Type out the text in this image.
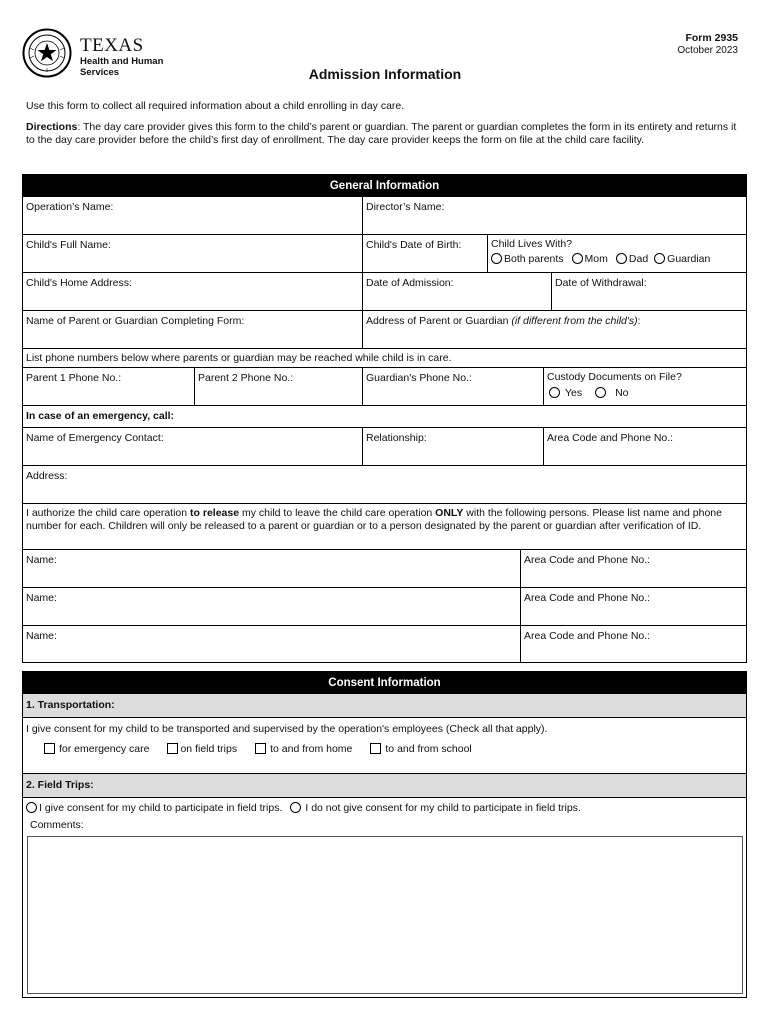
TEXAS
Health and Human Services
Form 2935
October 2023
Admission Information
Use this form to collect all required information about a child enrolling in day care.
Directions: The day care provider gives this form to the child’s parent or guardian. The parent or guardian completes the form in its entirety and returns it to the day care provider before the child’s first day of enrollment. The day care provider keeps the form on file at the child care facility.
General Information
Operation’s Name:	Director’s Name:
Child's Full Name:	Child's Date of Birth:	Child Lives With?
Both parents Mom Dad Guardian
Child's Home Address:	Date of Admission:	Date of Withdrawal:
Name of Parent or Guardian Completing Form:	Address of Parent or Guardian (if different from the child's):
List phone numbers below where parents or guardian may be reached while child is in care.
Parent 1 Phone No.:	Parent 2 Phone No.:	Guardian's Phone No.:	Custody Documents on File?
Yes	No
In case of an emergency, call:
Name of Emergency Contact:	Relationship:	Area Code and Phone No.:
Address:
I authorize the child care operation to release my child to leave the child care operation ONLY with the following persons. Please list name and phone number for each. Children will only be released to a parent or guardian or to a person designated by the parent or guardian after verification of ID.
Name:	Area Code and Phone No.:
Name:	Area Code and Phone No.:
Name:	Area Code and Phone No.:
Consent Information
1. Transportation:
I give consent for my child to be transported and supervised by the operation's employees (Check all that apply).
for emergency care	on field trips	to and from home	to and from school
2. Field Trips:
I give consent for my child to participate in field trips. I do not give consent for my child to participate in field trips.
Comments:
